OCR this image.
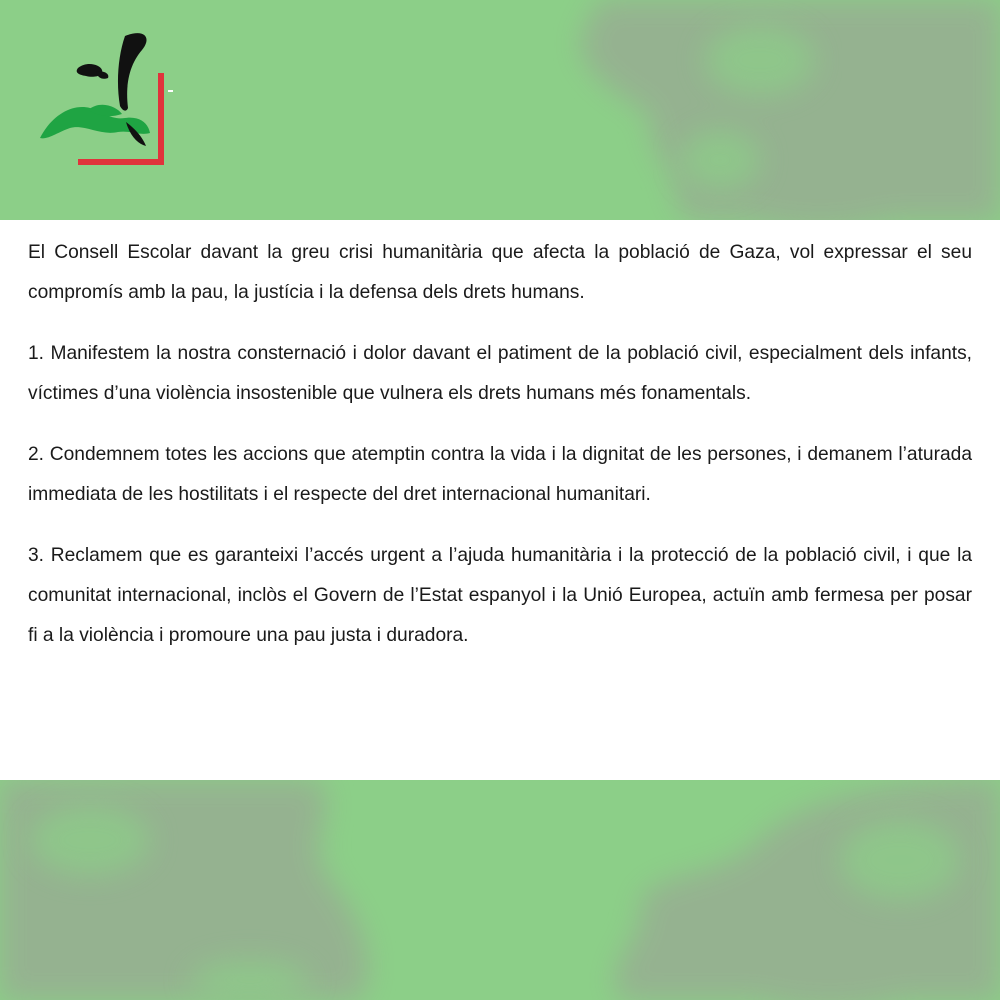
El Consell Escolar davant la greu crisi humanitària que afecta la població de Gaza, vol expressar el seu compromís amb la pau, la justícia i la defensa dels drets humans.

1. Manifestem la nostra consternació i dolor davant el patiment de la població civil, especialment dels infants, víctimes d’una violència insostenible que vulnera els drets humans més fonamentals.

2. Condemnem totes les accions que atemptin contra la vida i la dignitat de les persones, i demanem l’aturada immediata de les hostilitats i el respecte del dret internacional humanitari.

3. Reclamem que es garanteixi l’accés urgent a l’ajuda humanitària i la protecció de la població civil, i que la comunitat internacional, inclòs el Govern de l’Estat espanyol i la Unió Europea, actuïn amb fermesa per posar fi a la violència i promoure una pau justa i duradora.
